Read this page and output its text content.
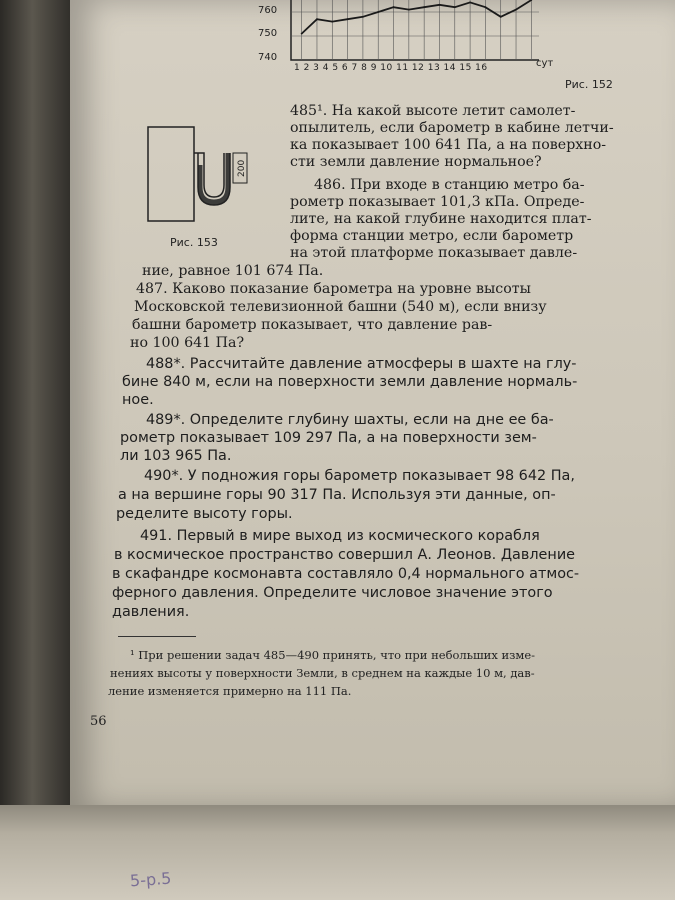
5-р.5
760
750
740
1 2 3 4 5 6 7 8 9 10 11 12 13 14 15 16	сут
Рис. 152
200
Рис. 153
485¹. На какой высоте летит самолет-
опылитель, если барометр в кабине летчи-
ка показывает 100 641 Па, а на поверхно-
сти земли давление нормальное?
486. При входе в станцию метро ба-
рометр показывает 101,3 кПа. Опреде-
лите, на какой глубине находится плат-
форма станции метро, если барометр
на этой платформе показывает давле-
ние, равное 101 674 Па.
487. Каково показание барометра на уровне высоты
Московской телевизионной башни (540 м), если внизу
башни барометр показывает, что давление рав-
но 100 641 Па?
488*. Рассчитайте давление атмосферы в шахте на глу-
бине 840 м, если на поверхности земли давление нормаль-
ное.
489*. Определите глубину шахты, если на дне ее ба-
рометр показывает 109 297 Па, а на поверхности зем-
ли 103 965 Па.
490*. У подножия горы барометр показывает 98 642 Па,
а на вершине горы 90 317 Па. Используя эти данные, оп-
ределите высоту горы.
491. Первый в мире выход из космического корабля
в космическое пространство совершил А. Леонов. Давление
в скафандре космонавта составляло 0,4 нормального атмос-
ферного давления. Определите числовое значение этого
давления.
¹ При решении задач 485—490 принять, что при небольших изме-
нениях высоты у поверхности Земли, в среднем на каждые 10 м, дав-
ление изменяется примерно на 111 Па.
56
